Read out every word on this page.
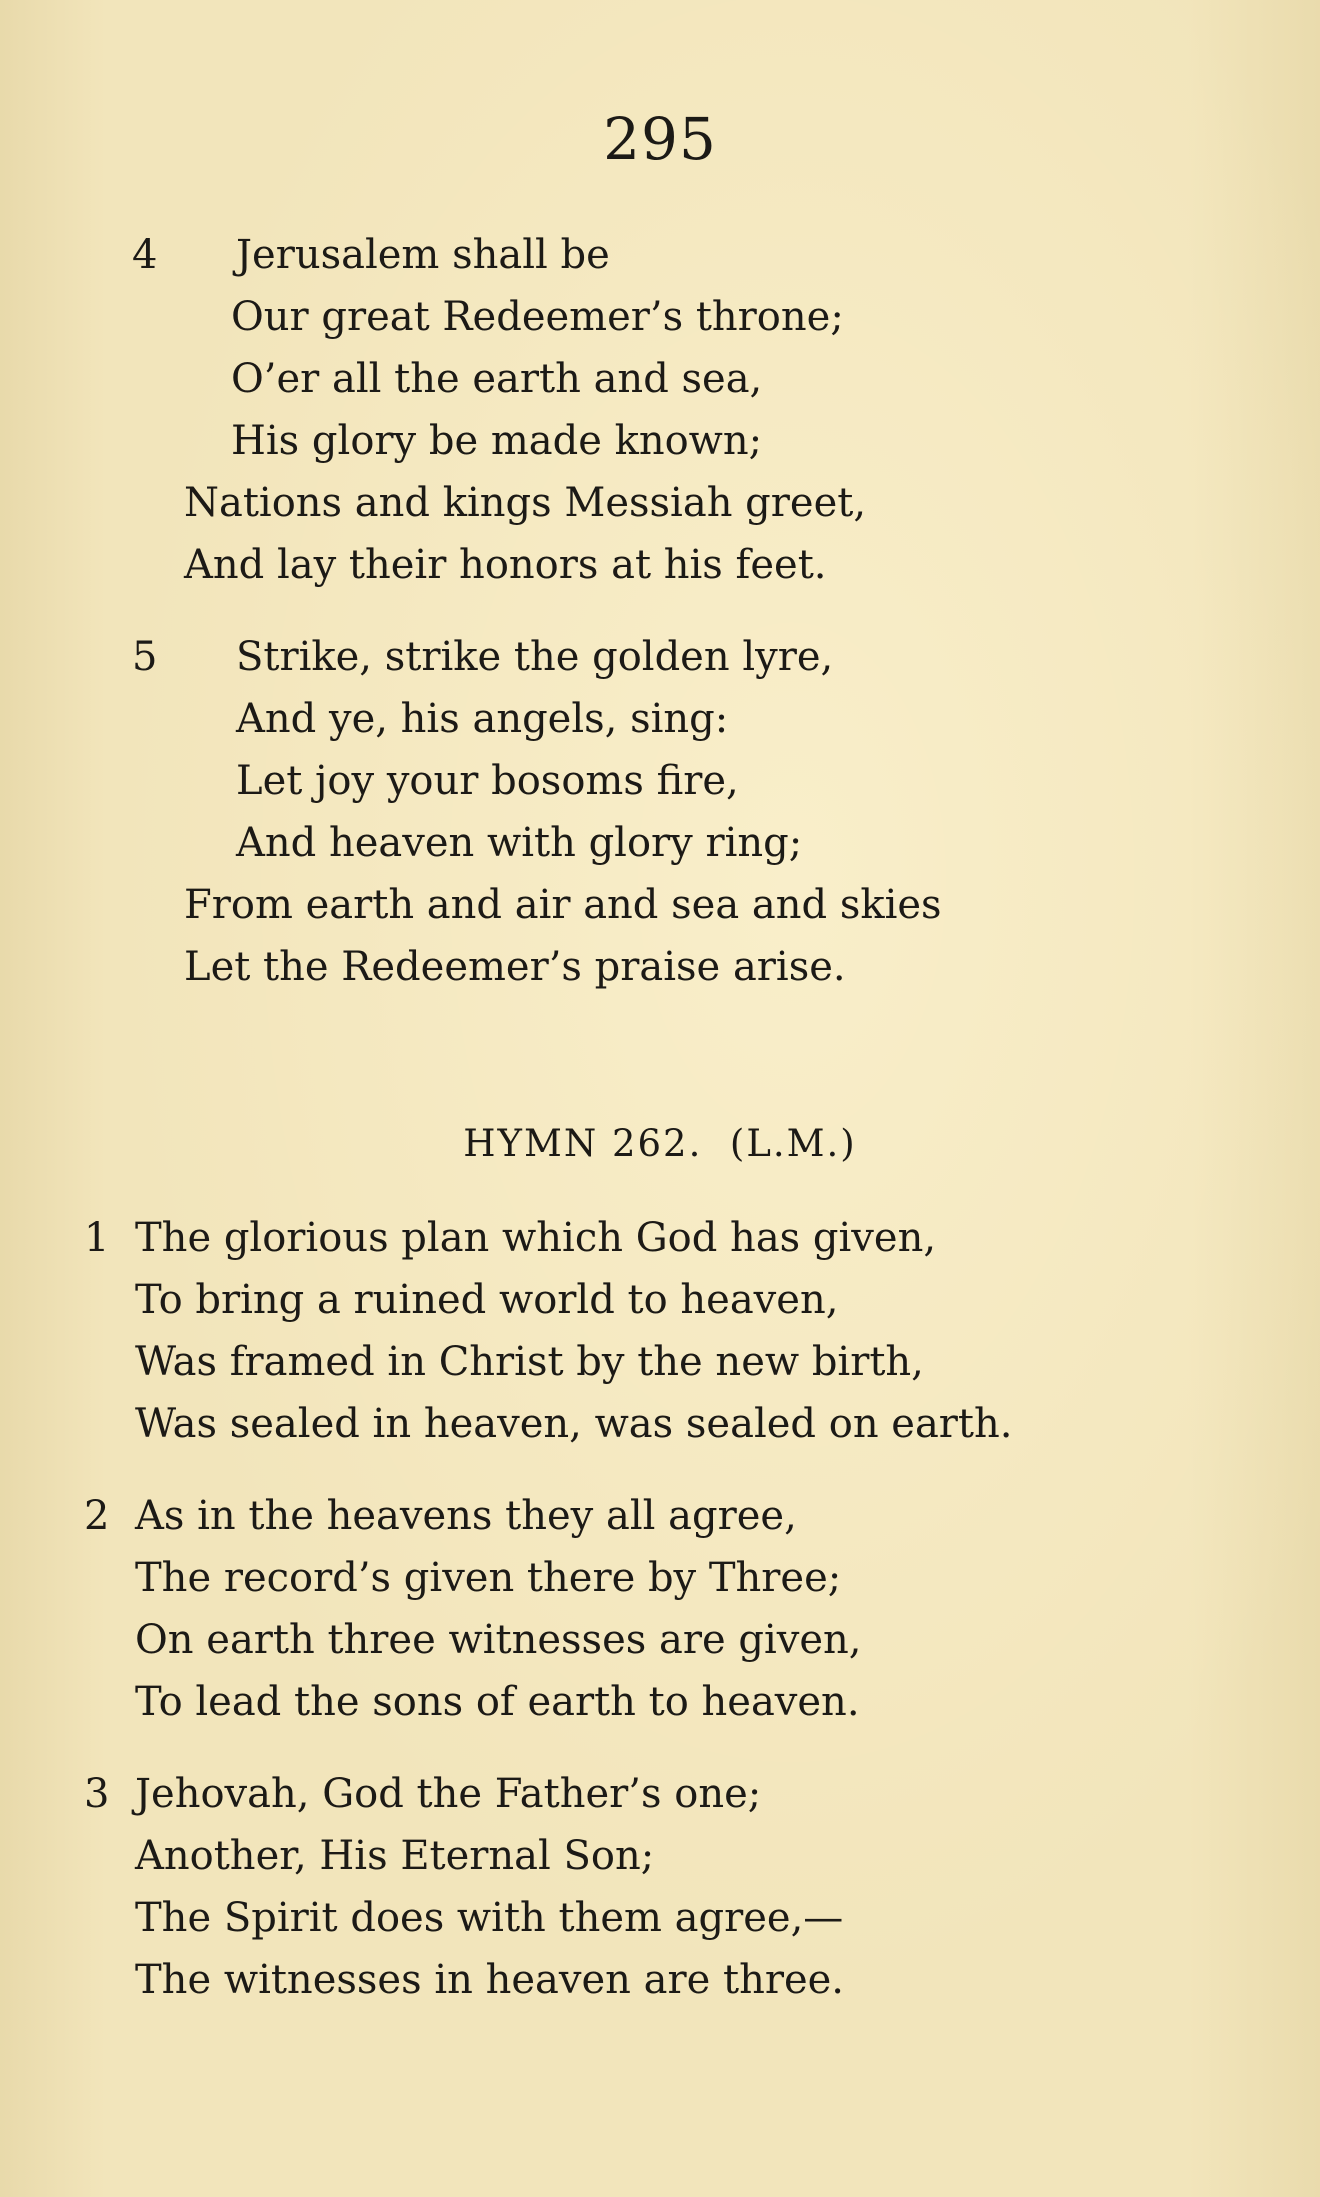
295
4 Jerusalem shall be
Our great Redeemer’s throne;
O’er all the earth and sea,
His glory be made known;
Nations and kings Messiah greet,
And lay their honors at his feet.
5 Strike, strike the golden lyre,
And ye, his angels, sing:
Let joy your bosoms fire,
And heaven with glory ring;
From earth and air and sea and skies
Let the Redeemer’s praise arise.
HYMN 262. (L.M.)
1 The glorious plan which God has given,
To bring a ruined world to heaven,
Was framed in Christ by the new birth,
Was sealed in heaven, was sealed on earth.
2 As in the heavens they all agree,
The record’s given there by Three;
On earth three witnesses are given,
To lead the sons of earth to heaven.
3 Jehovah, God the Father’s one;
Another, His Eternal Son;
The Spirit does with them agree,—
The witnesses in heaven are three.
